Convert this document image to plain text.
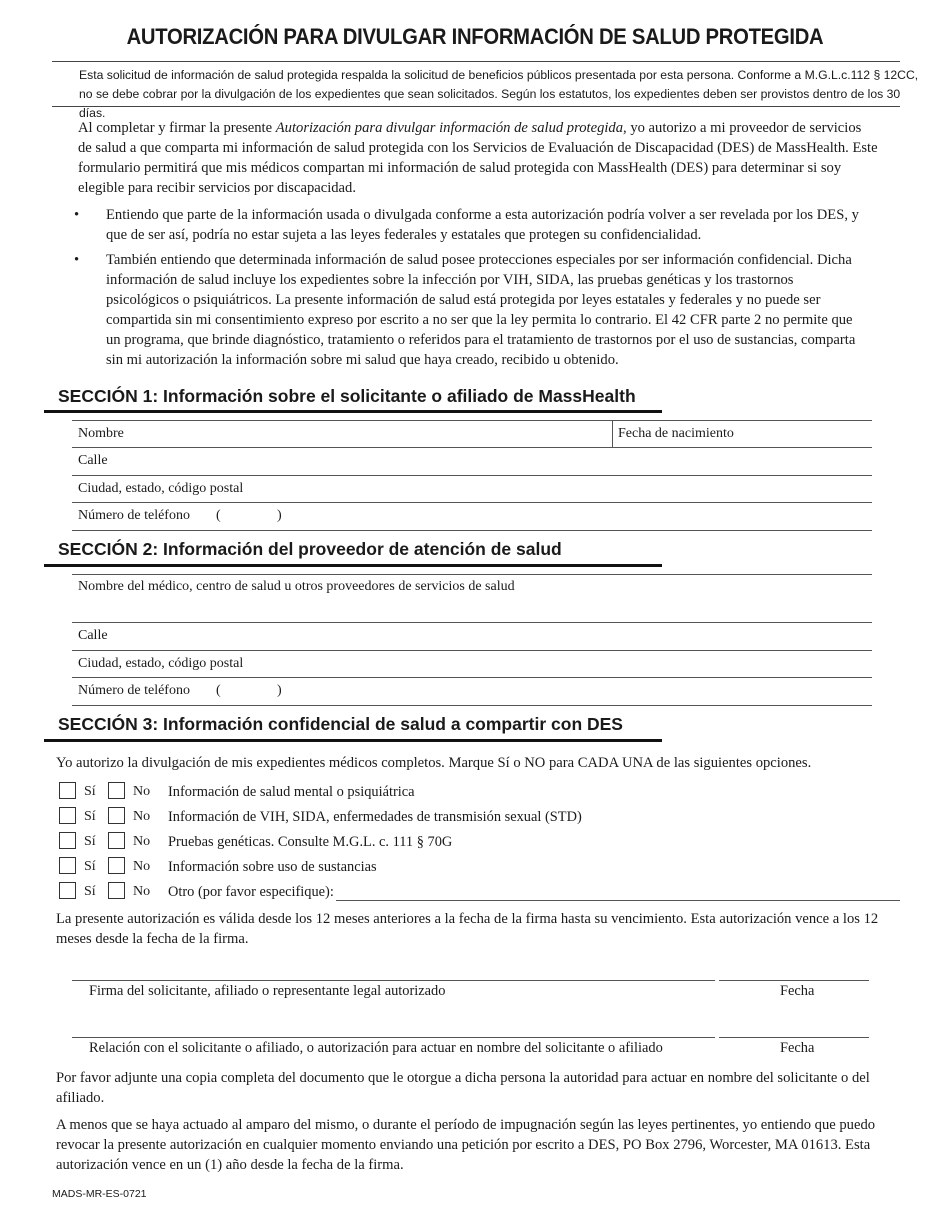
AUTORIZACIÓN PARA DIVULGAR INFORMACIÓN DE SALUD PROTEGIDA
Esta solicitud de información de salud protegida respalda la solicitud de beneficios públicos presentada por esta persona. Conforme a M.G.L.c.112 § 12CC, no se debe cobrar por la divulgación de los expedientes que sean solicitados. Según los estatutos, los expedientes deben ser provistos dentro de los 30 días.
Al completar y firmar la presente Autorización para divulgar información de salud protegida, yo autorizo a mi proveedor de servicios de salud a que comparta mi información de salud protegida con los Servicios de Evaluación de Discapacidad (DES) de MassHealth. Este formulario permitirá que mis médicos compartan mi información de salud protegida con MassHealth (DES) para determinar si soy elegible para recibir servicios por discapacidad.
• Entiendo que parte de la información usada o divulgada conforme a esta autorización podría volver a ser revelada por los DES, y que de ser así, podría no estar sujeta a las leyes federales y estatales que protegen su confidencialidad.
• También entiendo que determinada información de salud posee protecciones especiales por ser información confidencial. Dicha información de salud incluye los expedientes sobre la infección por VIH, SIDA, las pruebas genéticas y los trastornos psicológicos o psiquiátricos. La presente información de salud está protegida por leyes estatales y federales y no puede ser compartida sin mi consentimiento expreso por escrito a no ser que la ley permita lo contrario. El 42 CFR parte 2 no permite que un programa, que brinde diagnóstico, tratamiento o referidos para el tratamiento de trastornos por el uso de sustancias, comparta sin mi autorización la información sobre mi salud que haya creado, recibido u obtenido.
SECCIÓN 1: Información sobre el solicitante o afiliado de MassHealth
Nombre	Fecha de nacimiento
Calle
Ciudad, estado, código postal
Número de teléfono (	)
SECCIÓN 2: Información del proveedor de atención de salud
Nombre del médico, centro de salud u otros proveedores de servicios de salud
Calle
Ciudad, estado, código postal
Número de teléfono (	)
SECCIÓN 3: Información confidencial de salud a compartir con DES
Yo autorizo la divulgación de mis expedientes médicos completos. Marque Sí o NO para CADA UNA de las siguientes opciones.
Sí	No Información de salud mental o psiquiátrica
Sí	No Información de VIH, SIDA, enfermedades de transmisión sexual (STD)
Sí	No Pruebas genéticas. Consulte M.G.L. c. 111 § 70G
Sí	No Información sobre uso de sustancias
Sí	No Otro (por favor especifique):
La presente autorización es válida desde los 12 meses anteriores a la fecha de la firma hasta su vencimiento. Esta autorización vence a los 12 meses desde la fecha de la firma.
Firma del solicitante, afiliado o representante legal autorizado	Fecha
Relación con el solicitante o afiliado, o autorización para actuar en nombre del solicitante o afiliado	Fecha
Por favor adjunte una copia completa del documento que le otorgue a dicha persona la autoridad para actuar en nombre del solicitante o del afiliado.
A menos que se haya actuado al amparo del mismo, o durante el período de impugnación según las leyes pertinentes, yo entiendo que puedo revocar la presente autorización en cualquier momento enviando una petición por escrito a DES, PO Box 2796, Worcester, MA 01613. Esta autorización vence en un (1) año desde la fecha de la firma.
MADS-MR-ES-0721
